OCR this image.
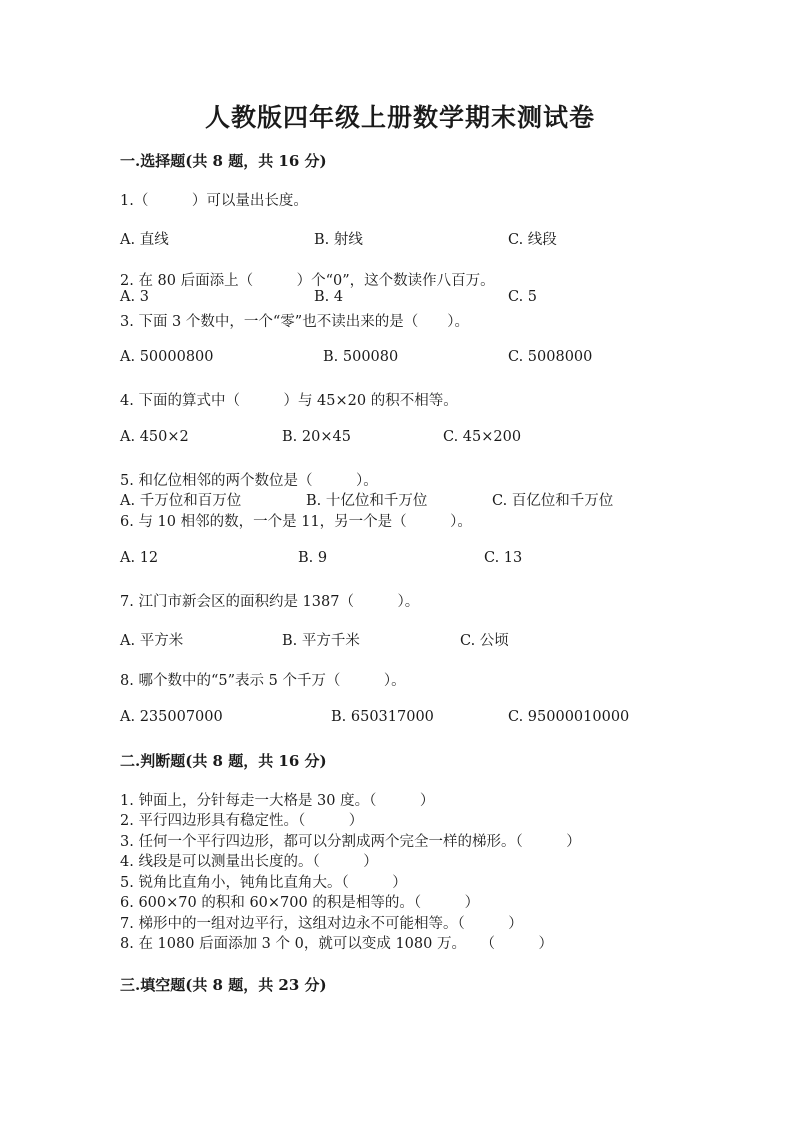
人教版四年级上册数学期末测试卷
一.选择题(共 8 题，共 16 分)
1.（　　　）可以量出长度。
A. 直线	B. 射线	C. 线段
2. 在 80 后面添上（　　　）个“0”，这个数读作八百万。
A. 3	B. 4	C. 5
3. 下面 3 个数中，一个“零”也不读出来的是（　　）。
A. 50000800	B. 500080	C. 5008000
4. 下面的算式中（　　　）与 45×20 的积不相等。
A. 450×2	B. 20×45	C. 45×200
5. 和亿位相邻的两个数位是（　　　）。
A. 千万位和百万位	B. 十亿位和千万位	C. 百亿位和千万位
6. 与 10 相邻的数，一个是 11，另一个是（　　　）。
A. 12	B. 9	C. 13
7. 江门市新会区的面积约是 1387（　　　）。
A. 平方米	B. 平方千米	C. 公顷
8. 哪个数中的“5”表示 5 个千万（　　　）。
A. 235007000	B. 650317000	C. 95000010000
二.判断题(共 8 题，共 16 分)
1. 钟面上，分针每走一大格是 30 度。（　　　）
2. 平行四边形具有稳定性。（　　　）
3. 任何一个平行四边形，都可以分割成两个完全一样的梯形。（　　　）
4. 线段是可以测量出长度的。（　　　）
5. 锐角比直角小，钝角比直角大。（　　　）
6. 600×70 的积和 60×700 的积是相等的。（　　　）
7. 梯形中的一组对边平行，这组对边永不可能相等。（　　　）
8. 在 1080 后面添加 3 个 0，就可以变成 1080 万。　　（　　　）
三.填空题(共 8 题，共 23 分)
